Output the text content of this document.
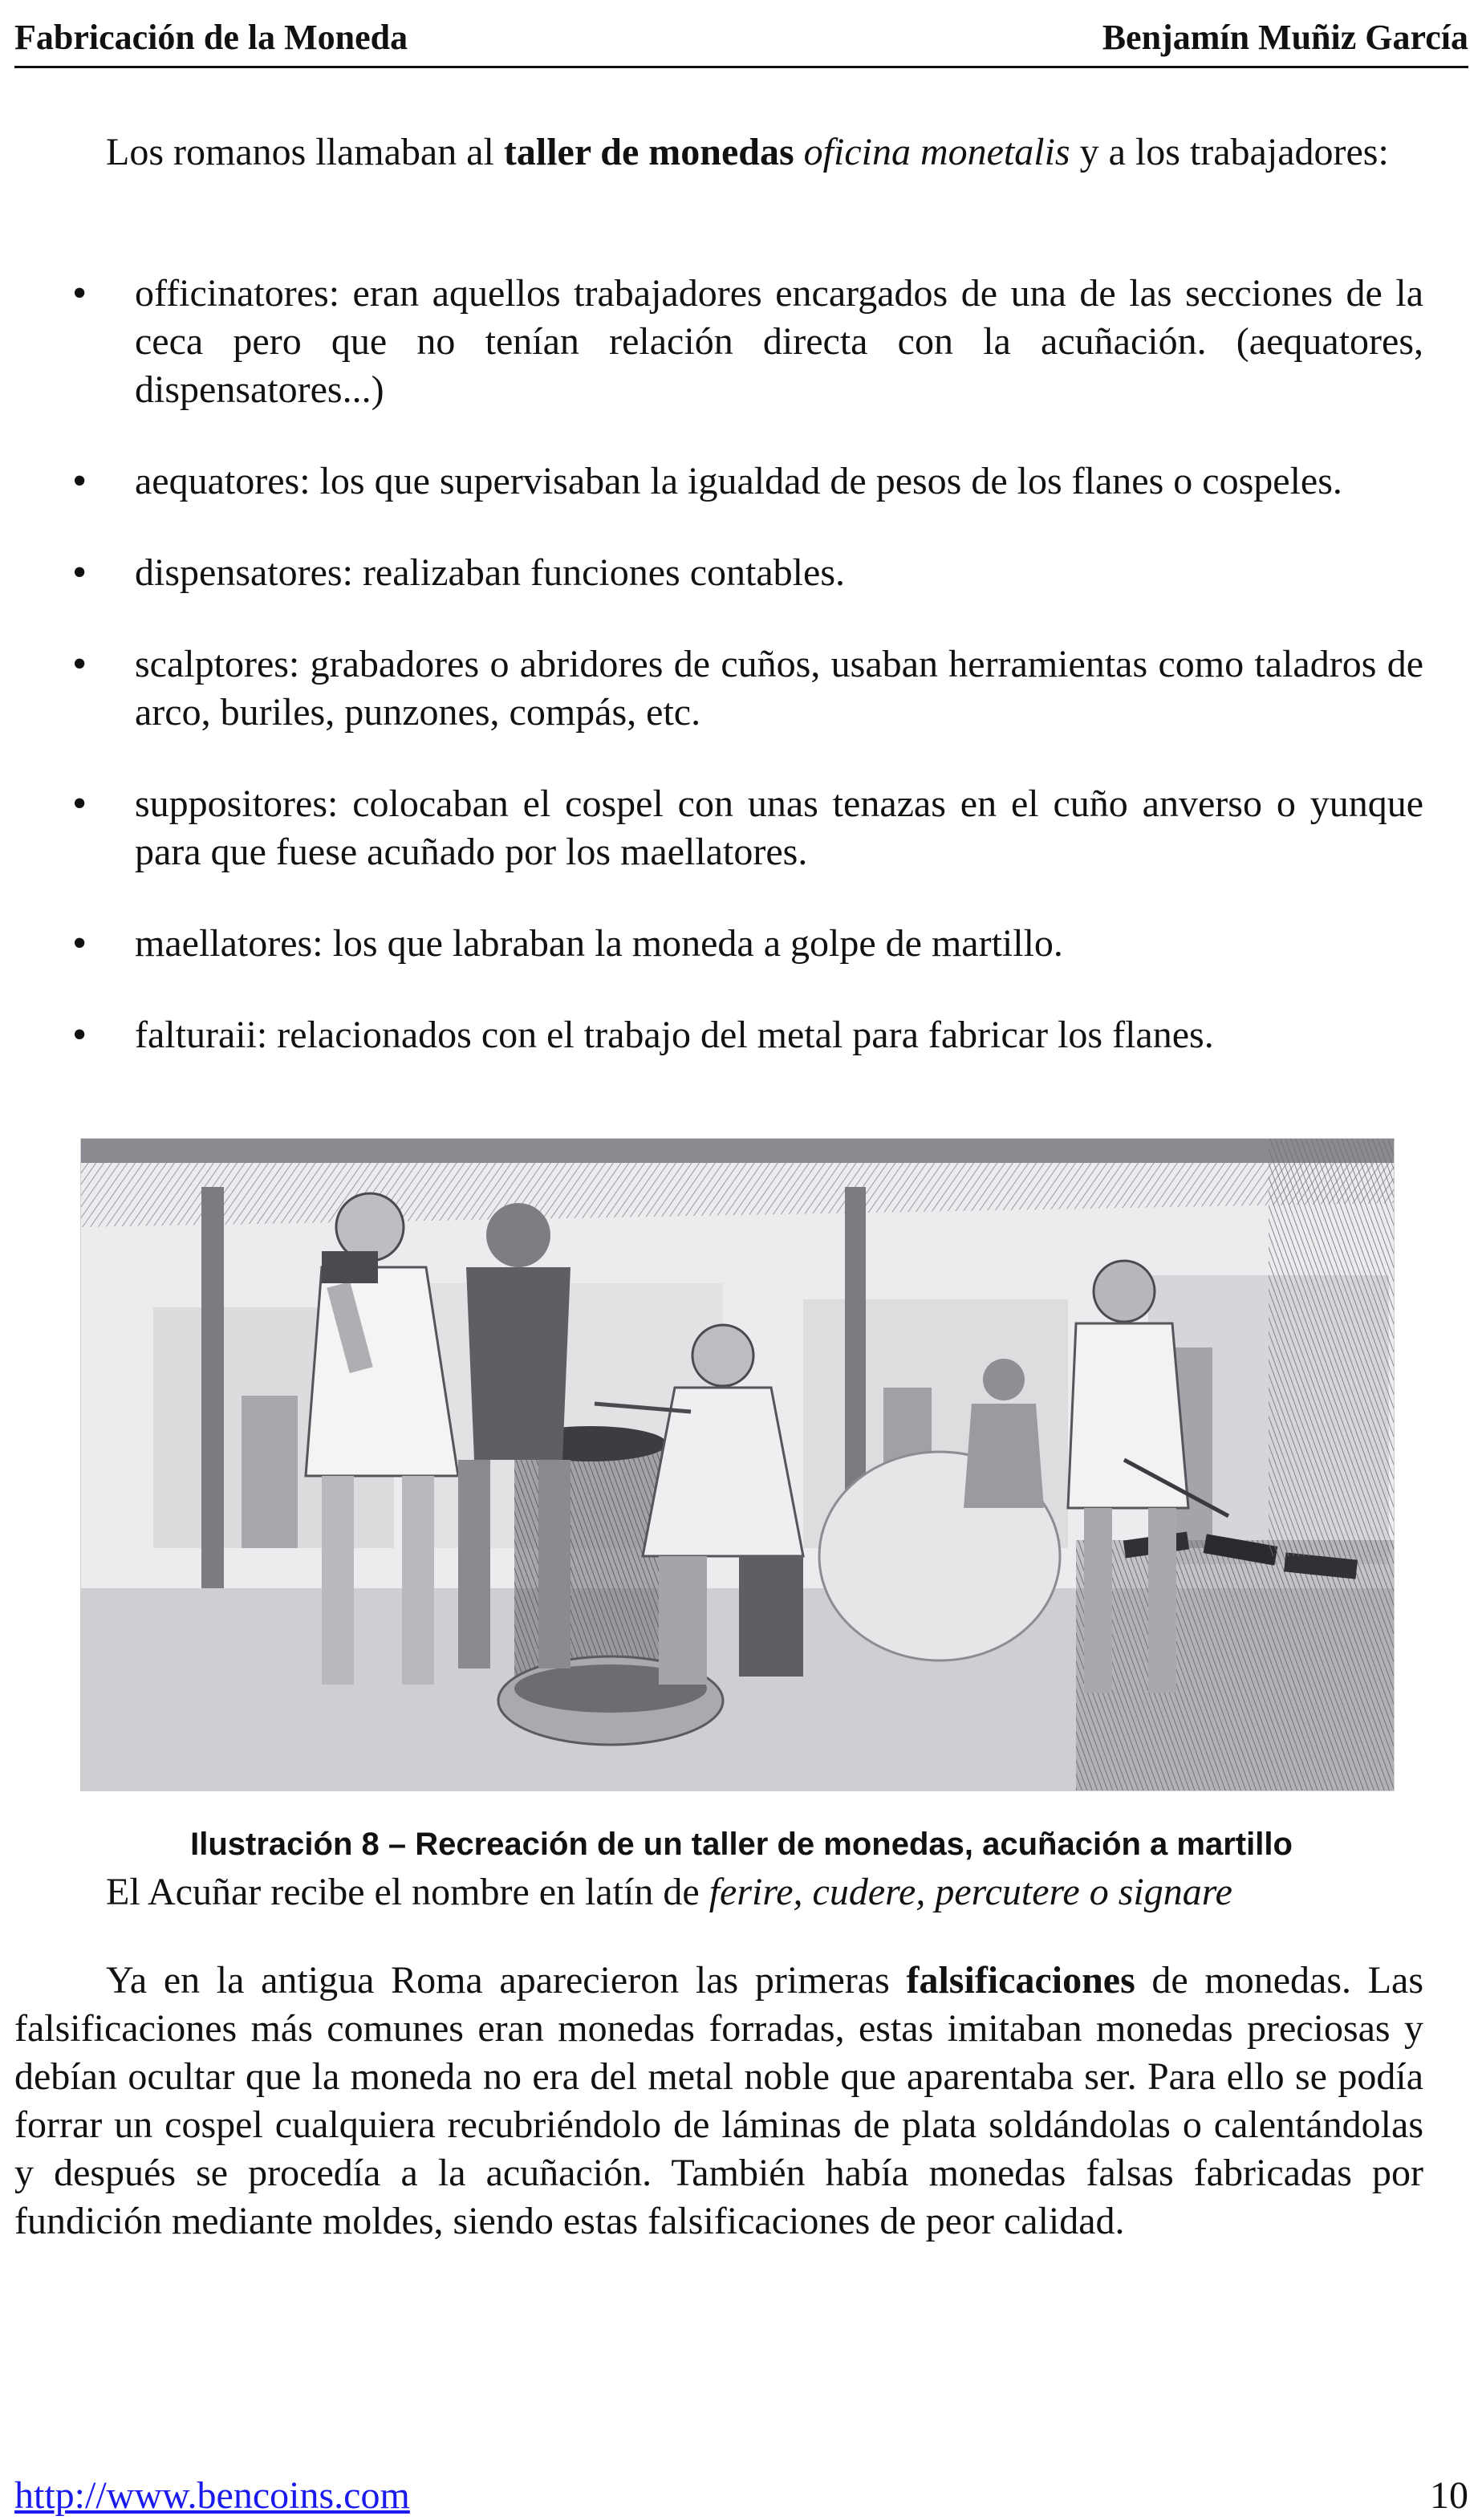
Fabricación de la Moneda	Benjamín Muñiz García

Los romanos llamaban al taller de monedas oficina monetalis y a los trabajadores:

• officinatores: eran aquellos trabajadores encargados de una de las secciones de la ceca pero que no tenían relación directa con la acuñación. (aequatores, dispensatores...)
• aequatores: los que supervisaban la igualdad de pesos de los flanes o cospeles.
• dispensatores: realizaban funciones contables.
• scalptores: grabadores o abridores de cuños, usaban herramientas como taladros de arco, buriles, punzones, compás, etc.
• suppositores: colocaban el cospel con unas tenazas en el cuño anverso o yunque para que fuese acuñado por los maellatores.
• maellatores: los que labraban la moneda a golpe de martillo.
• falturaii: relacionados con el trabajo del metal para fabricar los flanes.
Ilustración 8 – Recreación de un taller de monedas, acuñación a martillo

El Acuñar recibe el nombre en latín de ferire, cudere, percutere o signare

Ya en la antigua Roma aparecieron las primeras falsificaciones de monedas. Las falsificaciones más comunes eran monedas forradas, estas imitaban monedas preciosas y debían ocultar que la moneda no era del metal noble que aparentaba ser. Para ello se podía forrar un cospel cualquiera recubriéndolo de láminas de plata soldándolas o calentándolas y después se procedía a la acuñación. También había monedas falsas fabricadas por fundición mediante moldes, siendo estas falsificaciones de peor calidad.

http://www.bencoins.com	10
